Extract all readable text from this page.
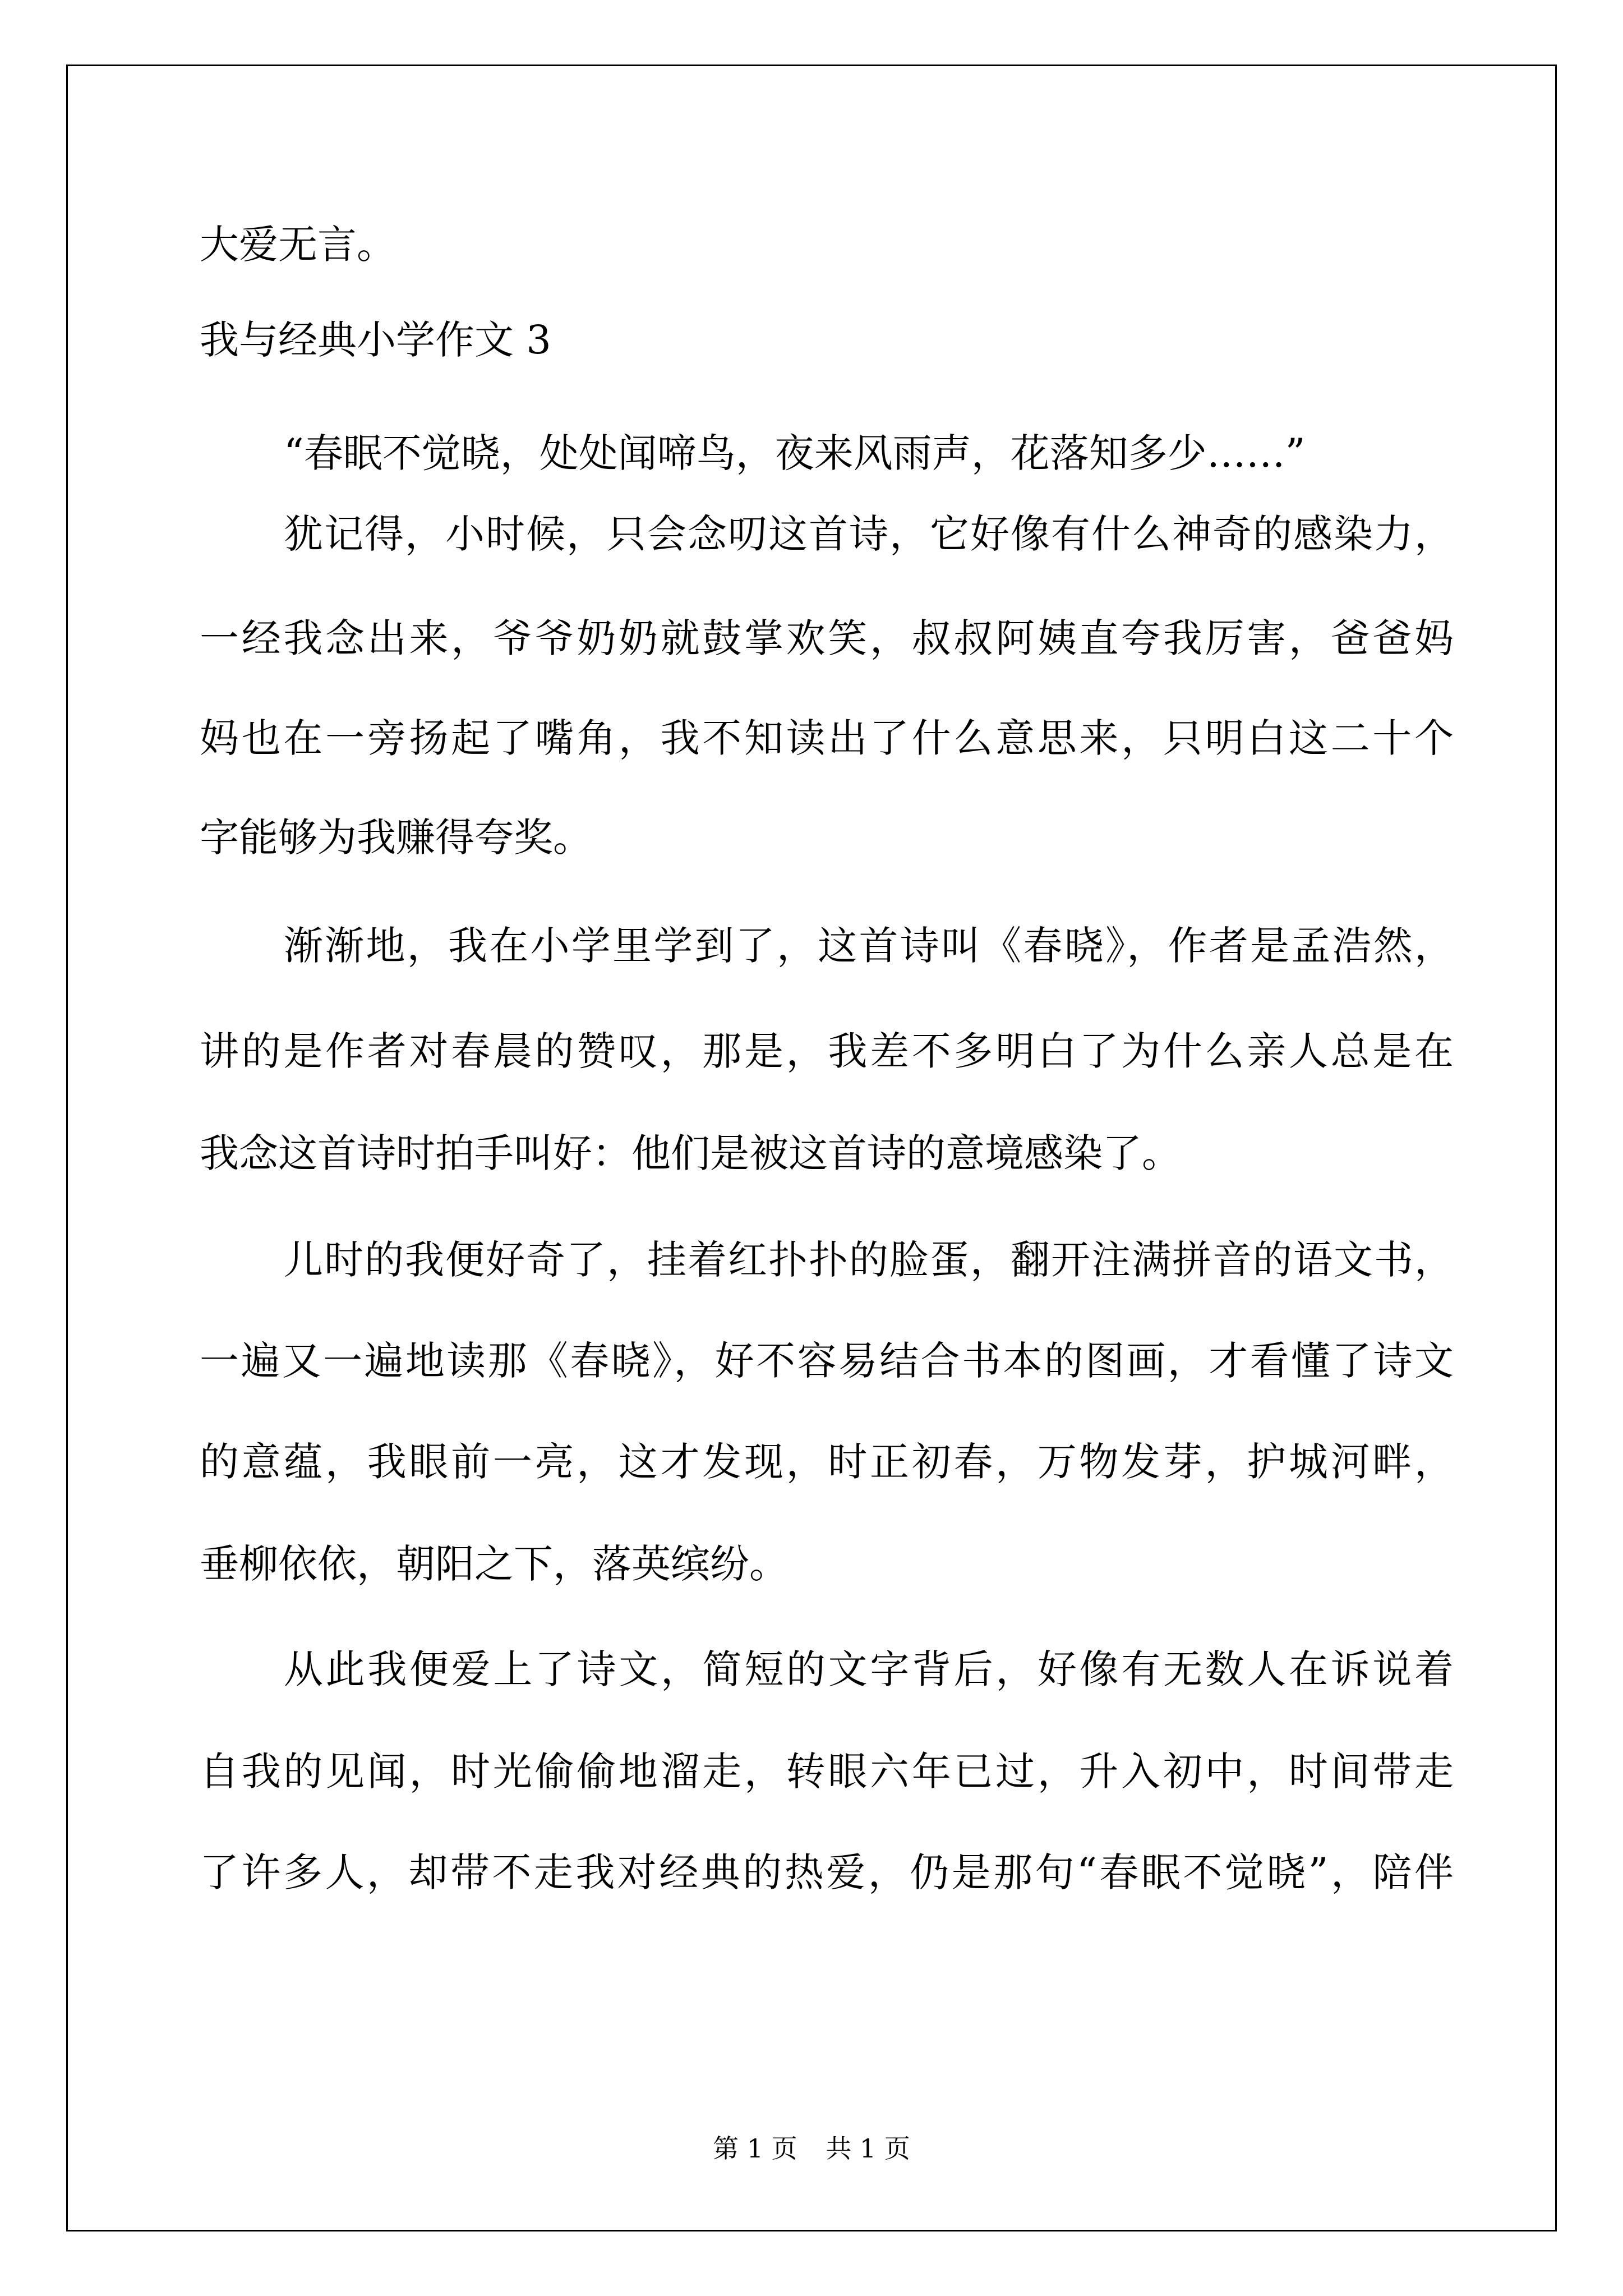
大爱无言。
我与经典小学作文 3
“春眠不觉晓，处处闻啼鸟，夜来风雨声，花落知多少……”
犹记得，小时候，只会念叨这首诗，它好像有什么神奇的感染力，
一经我念出来，爷爷奶奶就鼓掌欢笑，叔叔阿姨直夸我厉害，爸爸妈
妈也在一旁扬起了嘴角，我不知读出了什么意思来，只明白这二十个
字能够为我赚得夸奖。
渐渐地，我在小学里学到了，这首诗叫《春晓》，作者是孟浩然，
讲的是作者对春晨的赞叹，那是，我差不多明白了为什么亲人总是在
我念这首诗时拍手叫好：他们是被这首诗的意境感染了。
儿时的我便好奇了，挂着红扑扑的脸蛋，翻开注满拼音的语文书，
一遍又一遍地读那《春晓》，好不容易结合书本的图画，才看懂了诗文
的意蕴，我眼前一亮，这才发现，时正初春，万物发芽，护城河畔，
垂柳依依，朝阳之下，落英缤纷。
从此我便爱上了诗文，简短的文字背后，好像有无数人在诉说着
自我的见闻，时光偷偷地溜走，转眼六年已过，升入初中，时间带走
了许多人，却带不走我对经典的热爱，仍是那句“春眠不觉晓”，陪伴
第 1 页 共 1 页
